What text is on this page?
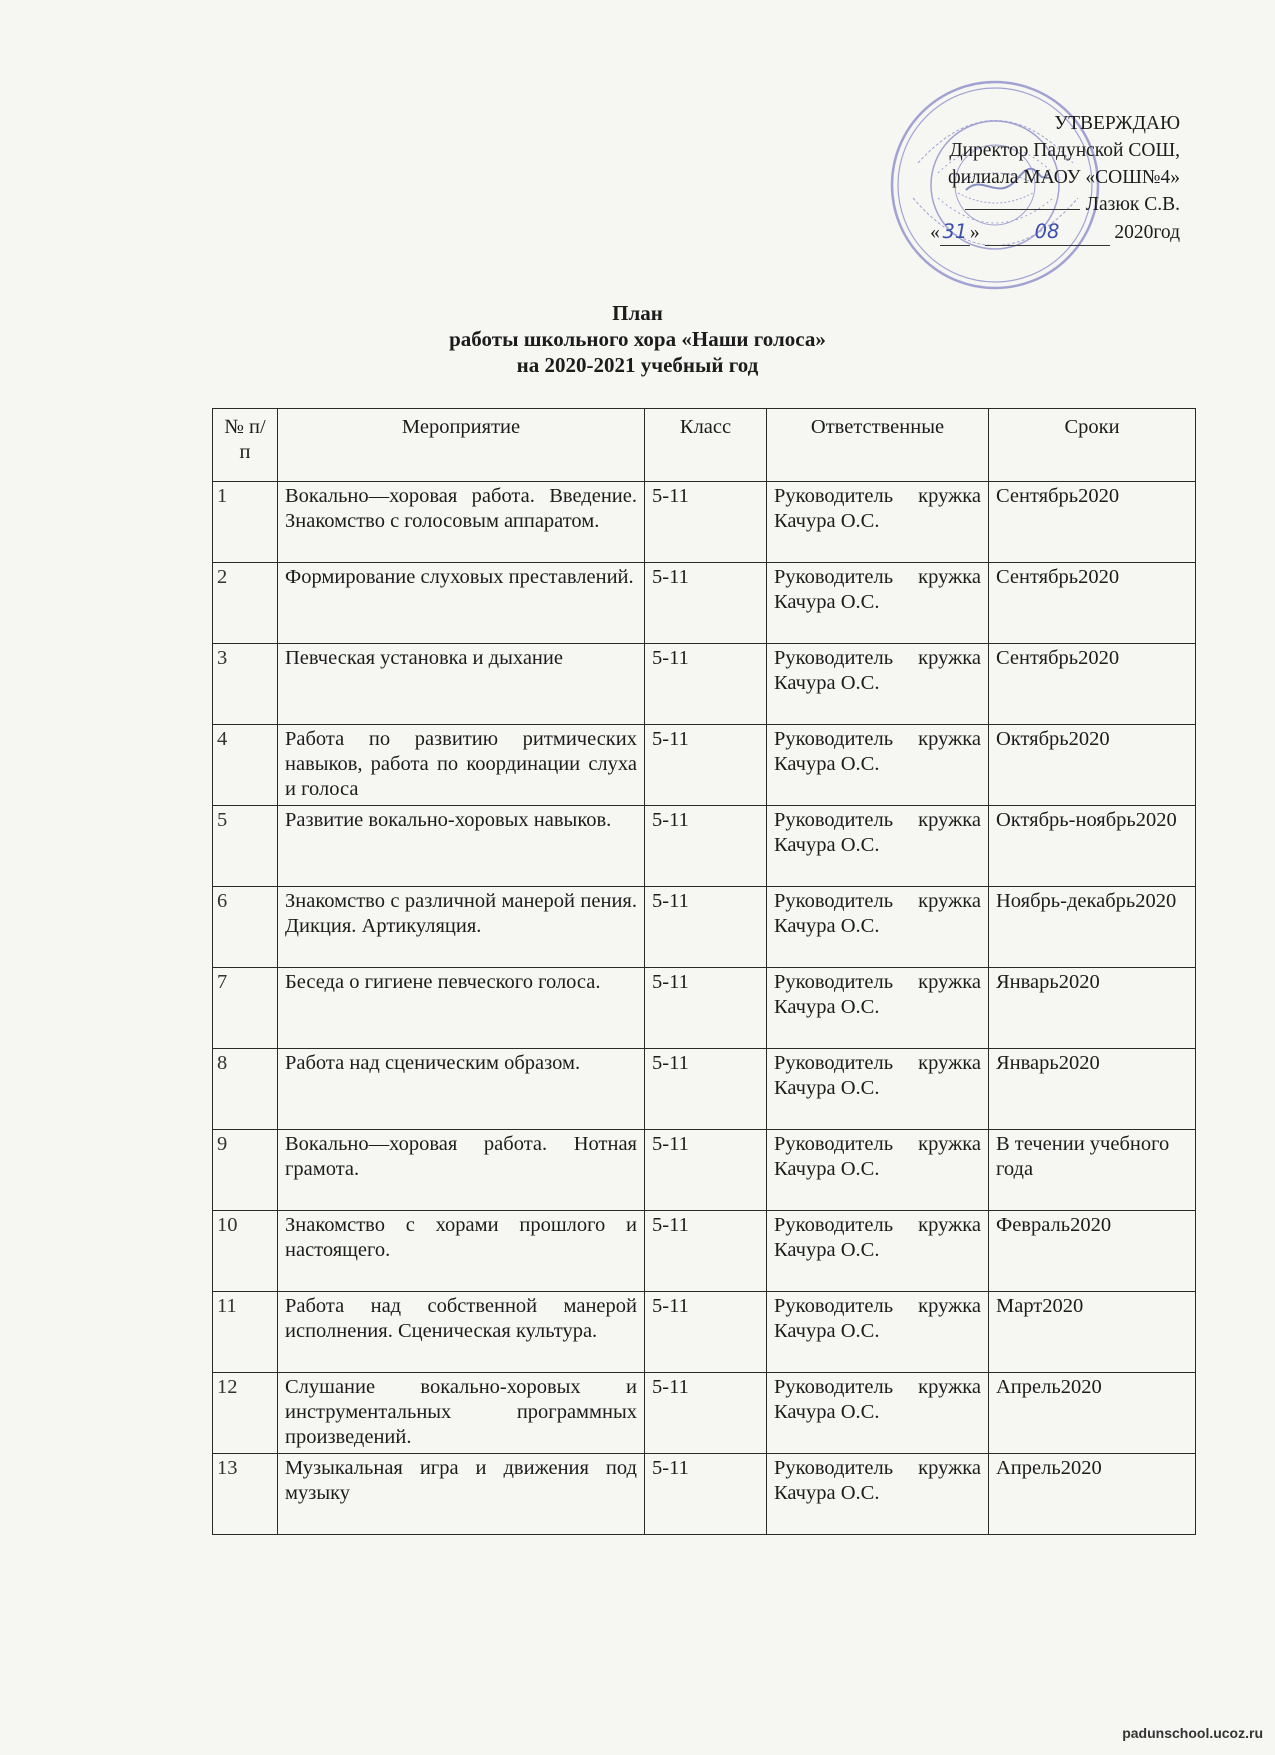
УТВЕРЖДАЮ
Директор Падунской СОШ,
филиала МАОУ «СОШ№4»
Лазюк С.В.
« 31 »	08	2020год
План
работы школьного хора «Наши голоса»
на 2020-2021 учебный год
№ п/п	Мероприятие	Класс	Ответственные	Сроки
1	Вокально—хоровая работа. Введение. Знакомство с голосовым аппаратом.	5-11	Руководитель кружка Качура О.С.	Сентябрь2020
2	Формирование слуховых преставлений.	5-11	Руководитель кружка Качура О.С.	Сентябрь2020
3	Певческая установка и дыхание	5-11	Руководитель кружка Качура О.С.	Сентябрь2020
4	Работа по развитию ритмических навыков, работа по координации слуха и голоса	5-11	Руководитель кружка Качура О.С.	Октябрь2020
5	Развитие вокально-хоровых навыков.	5-11	Руководитель кружка Качура О.С.	Октябрь-ноябрь2020
6	Знакомство с различной манерой пения. Дикция. Артикуляция.	5-11	Руководитель кружка Качура О.С.	Ноябрь-декабрь2020
7	Беседа о гигиене певческого голоса.	5-11	Руководитель кружка Качура О.С.	Январь2020
8	Работа над сценическим образом.	5-11	Руководитель кружка Качура О.С.	Январь2020
9	Вокально—хоровая работа. Нотная грамота.	5-11	Руководитель кружка Качура О.С.	В течении учебного года
10	Знакомство с хорами прошлого и настоящего.	5-11	Руководитель кружка Качура О.С.	Февраль2020
11	Работа над собственной манерой исполнения. Сценическая культура.	5-11	Руководитель кружка Качура О.С.	Март2020
12	Слушание вокально-хоровых и инструментальных программных произведений.	5-11	Руководитель кружка Качура О.С.	Апрель2020
13	Музыкальная игра и движения под музыку	5-11	Руководитель кружка Качура О.С.	Апрель2020
padunschool.ucoz.ru
